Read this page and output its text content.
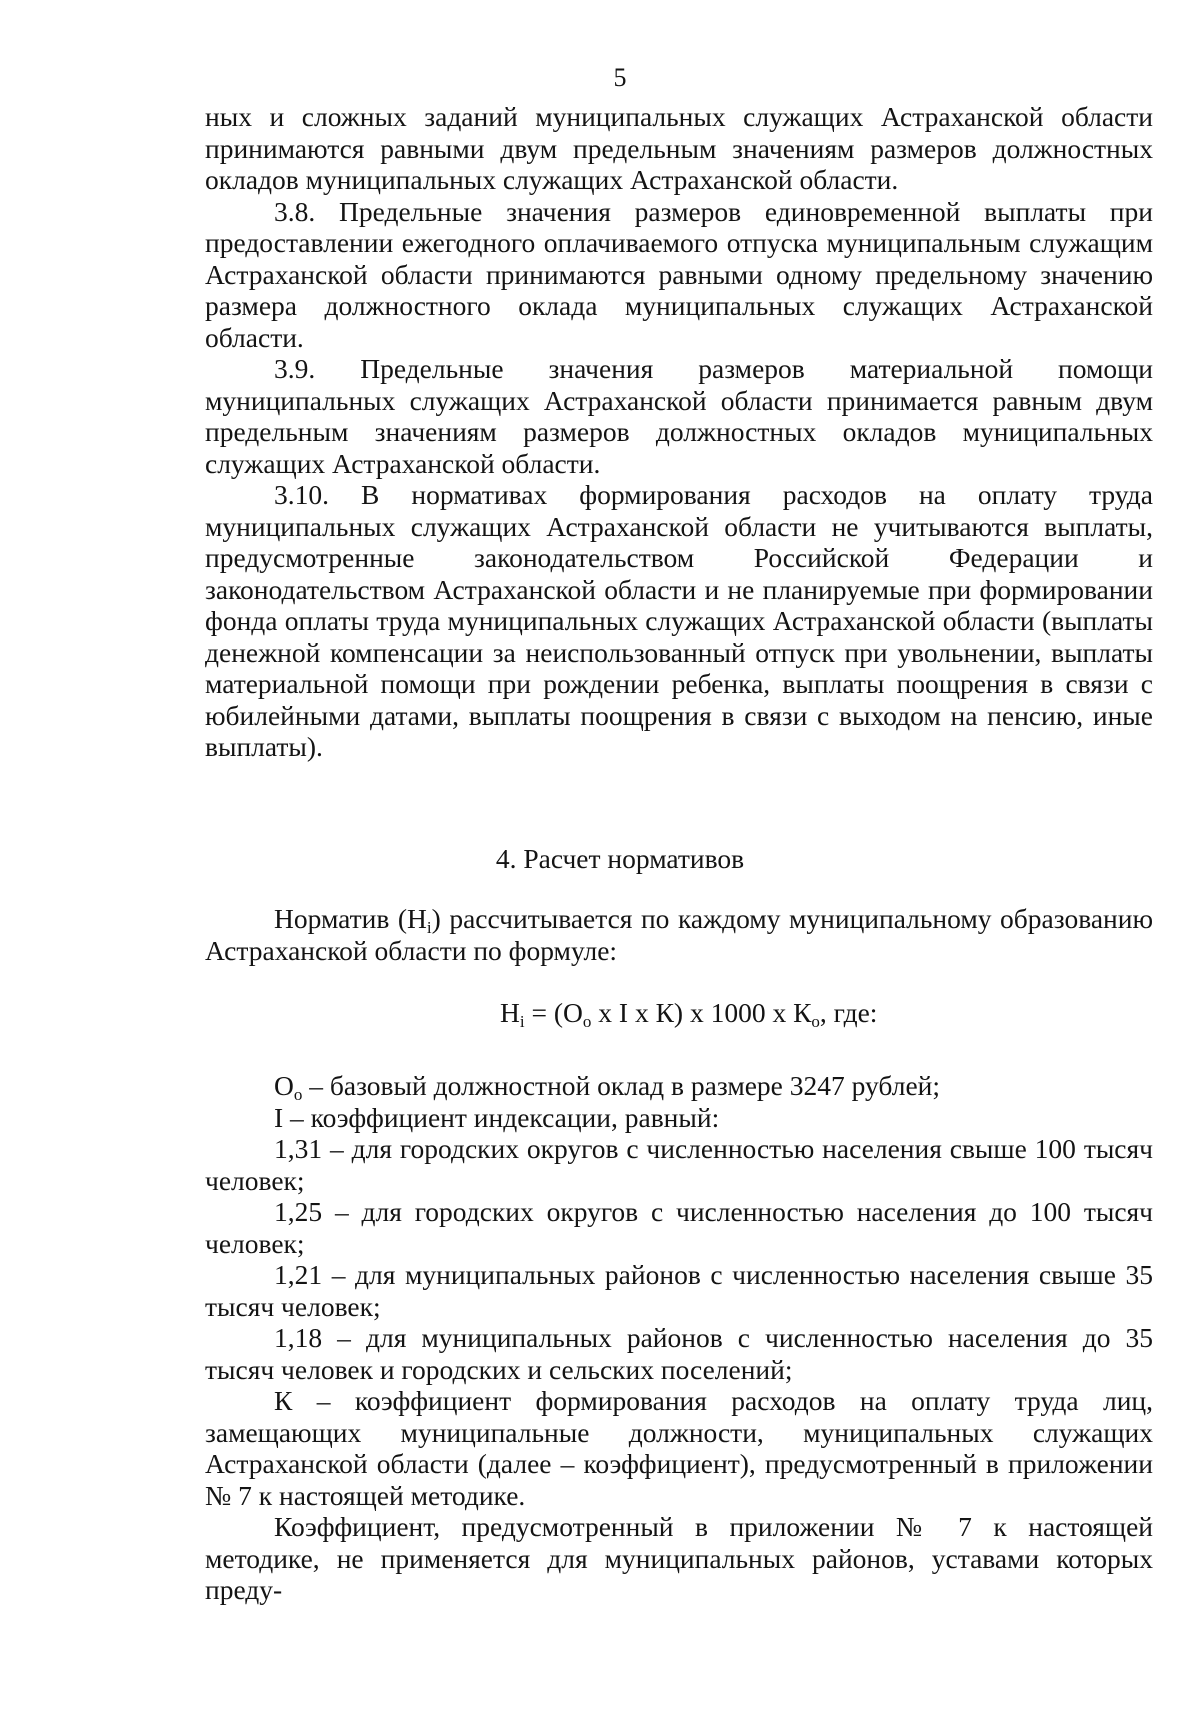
5

ных и сложных заданий муниципальных служащих Астраханской области принимаются равными двум предельным значениям размеров должностных окладов муниципальных служащих Астраханской области.

3.8. Предельные значения размеров единовременной выплаты при предоставлении ежегодного оплачиваемого отпуска муниципальным служащим Астраханской области принимаются равными одному предельному значению размера должностного оклада муниципальных служащих Астраханской области.

3.9. Предельные значения размеров материальной помощи муниципальных служащих Астраханской области принимается равным двум предельным значениям размеров должностных окладов муниципальных служащих Астраханской области.

3.10. В нормативах формирования расходов на оплату труда муниципальных служащих Астраханской области не учитываются выплаты, предусмотренные законодательством Российской Федерации и законодательством Астраханской области и не планируемые при формировании фонда оплаты труда муниципальных служащих Астраханской области (выплаты денежной компенсации за неиспользованный отпуск при увольнении, выплаты материальной помощи при рождении ребенка, выплаты поощрения в связи с юбилейными датами, выплаты поощрения в связи с выходом на пенсию, иные выплаты).

4. Расчет нормативов

Норматив $(Н_i)$ рассчитывается по каждому муниципальному образованию Астраханской области по формуле:

$Н_i = (О_о$ х I х К) х 1000 х $К_о$, где:

$О_о$ – базовый должностной оклад в размере 3247 рублей;

I – коэффициент индексации, равный:

1,31 – для городских округов с численностью населения свыше 100 тысяч человек;

1,25 – для городских округов с численностью населения до 100 тысяч человек;

1,21 – для муниципальных районов с численностью населения свыше 35 тысяч человек;

1,18 – для муниципальных районов с численностью населения до 35 тысяч человек и городских и сельских поселений;

К – коэффициент формирования расходов на оплату труда лиц, замещающих муниципальные должности, муниципальных служащих Астраханской области (далее – коэффициент), предусмотренный в приложении № 7 к настоящей методике.

Коэффициент, предусмотренный в приложении № 7 к настоящей методике, не применяется для муниципальных районов, уставами которых преду-
